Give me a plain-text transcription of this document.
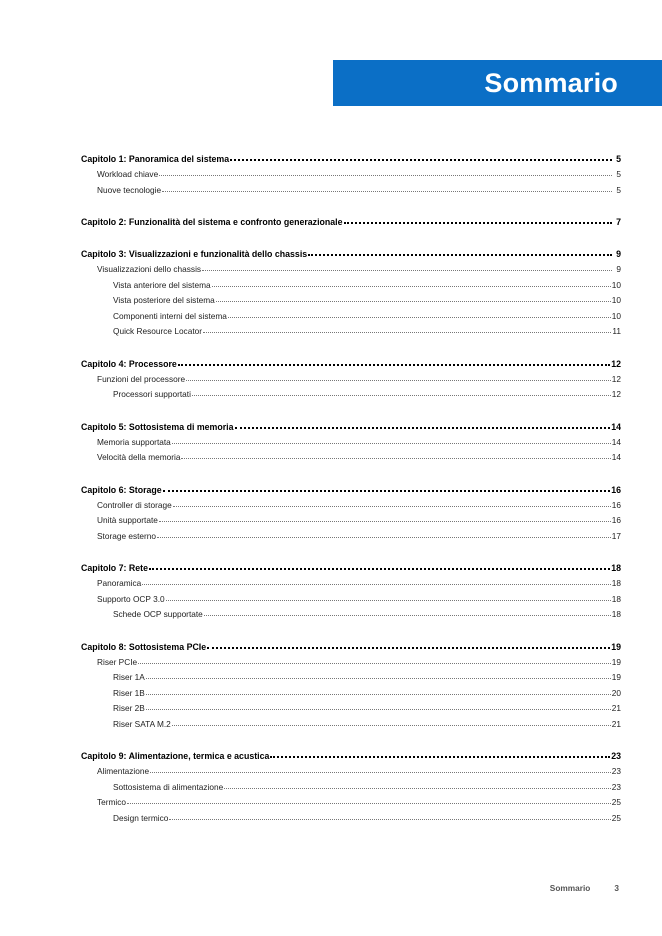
Sommario
Capitolo 1: Panoramica del sistema	5
Workload chiave	5
Nuove tecnologie	5
Capitolo 2: Funzionalità del sistema e confronto generazionale	7
Capitolo 3: Visualizzazioni e funzionalità dello chassis	9
Visualizzazioni dello chassis	9
Vista anteriore del sistema	10
Vista posteriore del sistema	10
Componenti interni del sistema	10
Quick Resource Locator	11
Capitolo 4: Processore	12
Funzioni del processore	12
Processori supportati	12
Capitolo 5: Sottosistema di memoria	14
Memoria supportata	14
Velocità della memoria	14
Capitolo 6: Storage	16
Controller di storage	16
Unità supportate	16
Storage esterno	17
Capitolo 7: Rete	18
Panoramica	18
Supporto OCP 3.0	18
Schede OCP supportate	18
Capitolo 8: Sottosistema PCIe	19
Riser PCIe	19
Riser 1A	19
Riser 1B	20
Riser 2B	21
Riser SATA M.2	21
Capitolo 9: Alimentazione, termica e acustica	23
Alimentazione	23
Sottosistema di alimentazione	23
Termico	25
Design termico	25
Sommario	3
